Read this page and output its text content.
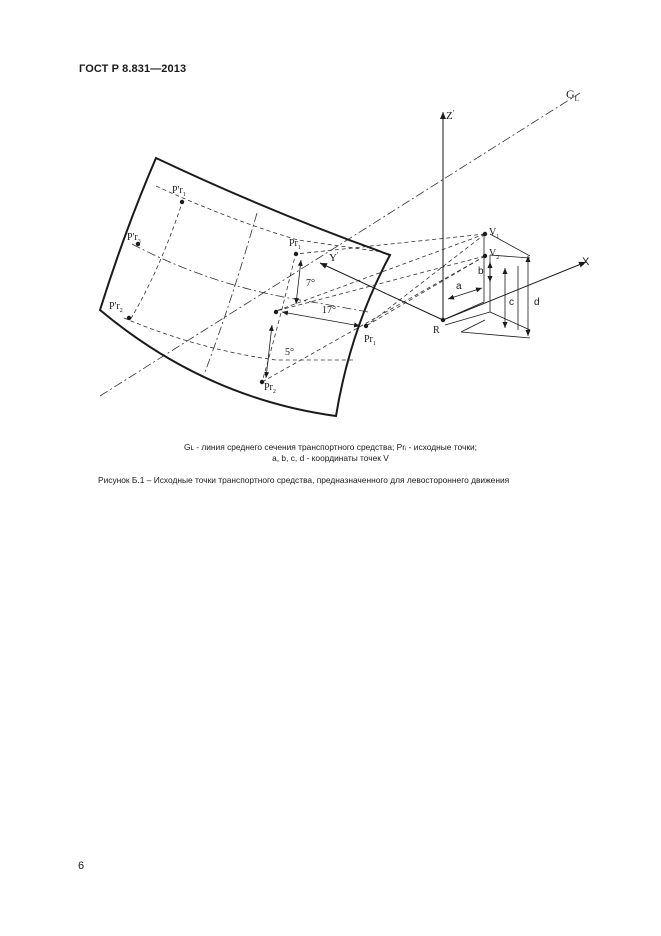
ГОСТ Р 8.831—2013
$G_L$
Z'
Y'
X
R
$V_1$
$V_2$
a
b
c d
$P'r_1$
$P'r_3$
$P'r_2$
$Pr_1$
$Pr_1$
$Pr_2$
7°
17°
5°
Gʟ - линия среднего сечения транспортного средства; Prᵢ - исходные точки;
a, b, c, d - координаты точек V
Рисунок Б.1 – Исходные точки транспортного средства, предназначенного для левостороннего движения
6
